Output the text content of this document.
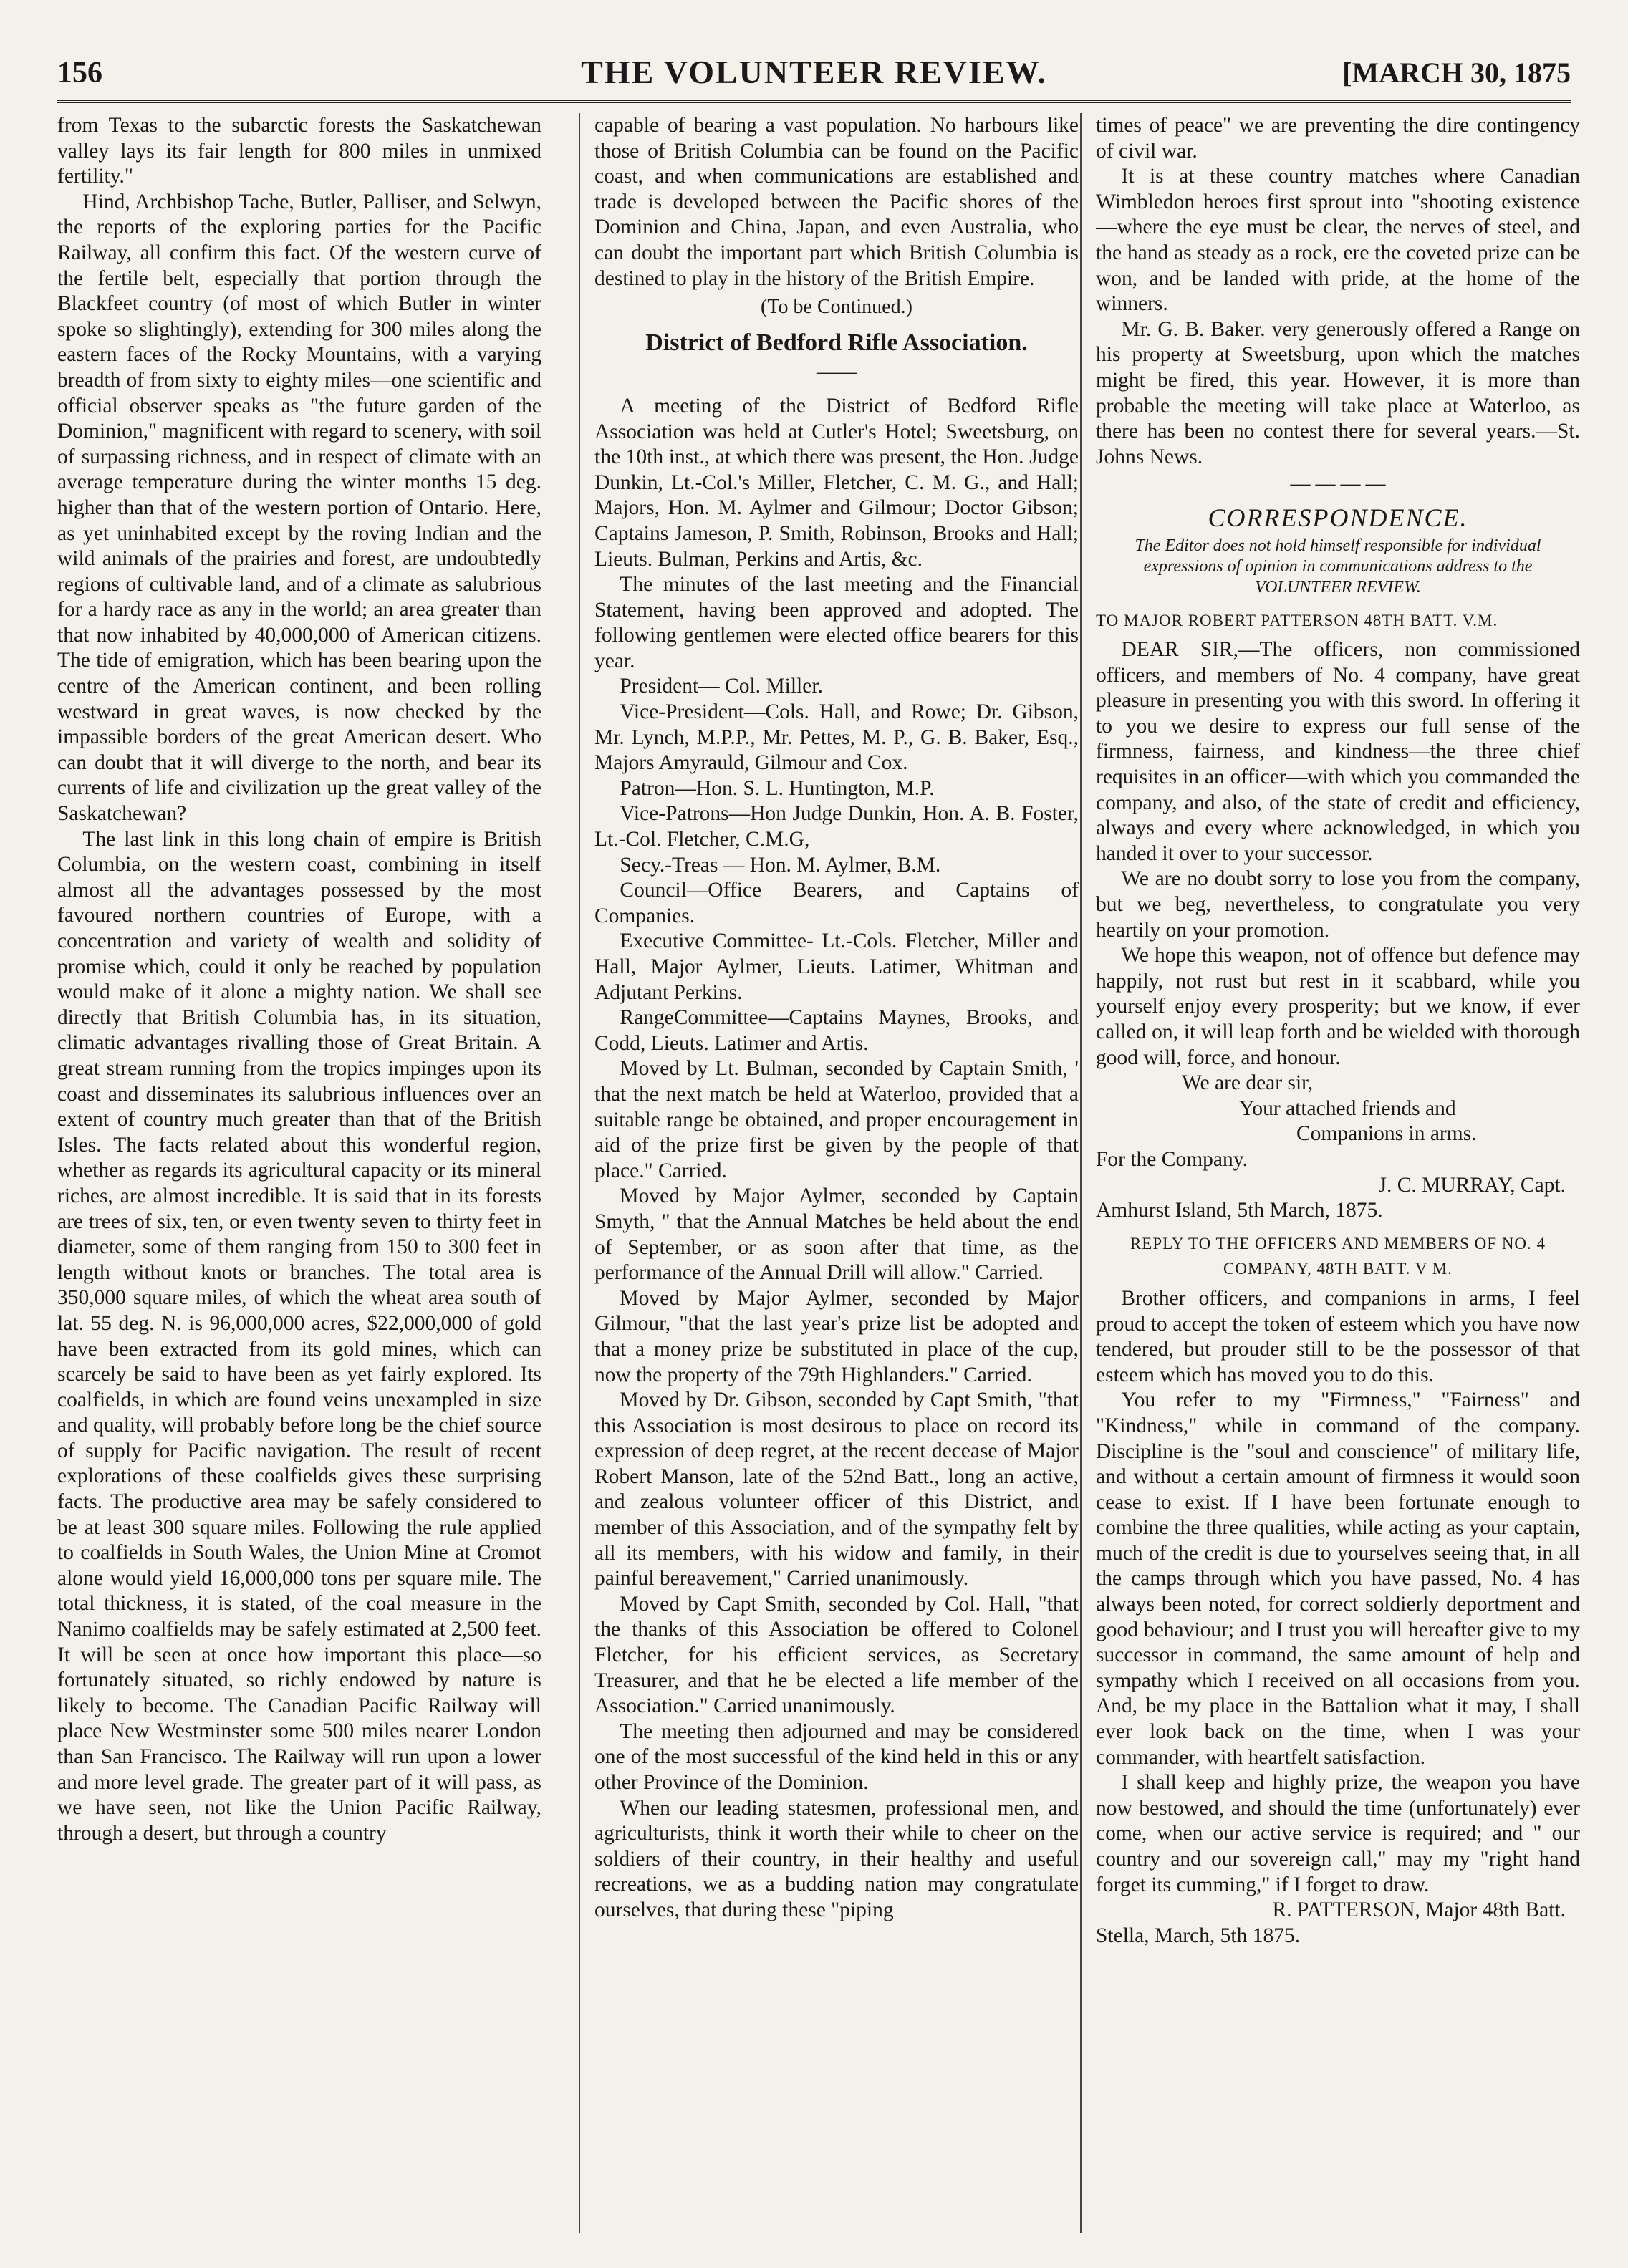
156	THE VOLUNTEER REVIEW.	[MARCH 30, 1875

from Texas to the subarctic forests the Saskatchewan valley lays its fair length for 800 miles in unmixed fertility."

Hind, Archbishop Tache, Butler, Palliser, and Selwyn, the reports of the exploring parties for the Pacific Railway, all confirm this fact. Of the western curve of the fertile belt, especially that portion through the Blackfeet country (of most of which Butler in winter spoke so slightingly), extending for 300 miles along the eastern faces of the Rocky Mountains, with a varying breadth of from sixty to eighty miles—one scientific and official observer speaks as "the future garden of the Dominion," magnificent with regard to scenery, with soil of surpassing richness, and in respect of climate with an average temperature during the winter months 15 deg. higher than that of the western portion of Ontario. Here, as yet uninhabited except by the roving Indian and the wild animals of the prairies and forest, are undoubtedly regions of cultivable land, and of a climate as salubrious for a hardy race as any in the world; an area greater than that now inhabited by 40,000,000 of American citizens. The tide of emigration, which has been bearing upon the centre of the American continent, and been rolling westward in great waves, is now checked by the impassible borders of the great American desert. Who can doubt that it will diverge to the north, and bear its currents of life and civilization up the great valley of the Saskatchewan?

The last link in this long chain of empire is British Columbia, on the western coast, combining in itself almost all the advantages possessed by the most favoured northern countries of Europe, with a concentration and variety of wealth and solidity of promise which, could it only be reached by population would make of it alone a mighty nation. We shall see directly that British Columbia has, in its situation, climatic advantages rivalling those of Great Britain. A great stream running from the tropics impinges upon its coast and disseminates its salubrious influences over an extent of country much greater than that of the British Isles. The facts related about this wonderful region, whether as regards its agricultural capacity or its mineral riches, are almost incredible. It is said that in its forests are trees of six, ten, or even twenty seven to thirty feet in diameter, some of them ranging from 150 to 300 feet in length without knots or branches. The total area is 350,000 square miles, of which the wheat area south of lat. 55 deg. N. is 96,000,000 acres, $22,000,000 of gold have been extracted from its gold mines, which can scarcely be said to have been as yet fairly explored. Its coalfields, in which are found veins unexampled in size and quality, will probably before long be the chief source of supply for Pacific navigation. The result of recent explorations of these coalfields gives these surprising facts. The productive area may be safely considered to be at least 300 square miles. Following the rule applied to coalfields in South Wales, the Union Mine at Cromot alone would yield 16,000,000 tons per square mile. The total thickness, it is stated, of the coal measure in the Nanimo coalfields may be safely estimated at 2,500 feet. It will be seen at once how important this place—so fortunately situated, so richly endowed by nature is likely to become. The Canadian Pacific Railway will place New Westminster some 500 miles nearer London than San Francisco. The Railway will run upon a lower and more level grade. The greater part of it will pass, as we have seen, not like the Union Pacific Railway, through a desert, but through a country

capable of bearing a vast population. No harbours like those of British Columbia can be found on the Pacific coast, and when communications are established and trade is developed between the Pacific shores of the Dominion and China, Japan, and even Australia, who can doubt the important part which British Columbia is destined to play in the history of the British Empire.

(To be Continued.)

District of Bedford Rifle Association.
——

A meeting of the District of Bedford Rifle Association was held at Cutler's Hotel; Sweetsburg, on the 10th inst., at which there was present, the Hon. Judge Dunkin, Lt.-Col.'s Miller, Fletcher, C. M. G., and Hall; Majors, Hon. M. Aylmer and Gilmour; Doctor Gibson; Captains Jameson, P. Smith, Robinson, Brooks and Hall; Lieuts. Bulman, Perkins and Artis, &c.

The minutes of the last meeting and the Financial Statement, having been approved and adopted. The following gentlemen were elected office bearers for this year.

President— Col. Miller.

Vice-President—Cols. Hall, and Rowe; Dr. Gibson, Mr. Lynch, M.P.P., Mr. Pettes, M. P., G. B. Baker, Esq., Majors Amyrauld, Gilmour and Cox.

Patron—Hon. S. L. Huntington, M.P.

Vice-Patrons—Hon Judge Dunkin, Hon. A. B. Foster, Lt.-Col. Fletcher, C.M.G,

Secy.-Treas — Hon. M. Aylmer, B.M.

Council—Office Bearers, and Captains of Companies.

Executive Committee- Lt.-Cols. Fletcher, Miller and Hall, Major Aylmer, Lieuts. Latimer, Whitman and Adjutant Perkins.

RangeCommittee—Captains Maynes, Brooks, and Codd, Lieuts. Latimer and Artis.

Moved by Lt. Bulman, seconded by Captain Smith, ' that the next match be held at Waterloo, provided that a suitable range be obtained, and proper encouragement in aid of the prize first be given by the people of that place." Carried.

Moved by Major Aylmer, seconded by Captain Smyth, " that the Annual Matches be held about the end of September, or as soon after that time, as the performance of the Annual Drill will allow." Carried.

Moved by Major Aylmer, seconded by Major Gilmour, "that the last year's prize list be adopted and that a money prize be substituted in place of the cup, now the property of the 79th Highlanders." Carried.

Moved by Dr. Gibson, seconded by Capt Smith, "that this Association is most desirous to place on record its expression of deep regret, at the recent decease of Major Robert Manson, late of the 52nd Batt., long an active, and zealous volunteer officer of this District, and member of this Association, and of the sympathy felt by all its members, with his widow and family, in their painful bereavement," Carried unanimously.

Moved by Capt Smith, seconded by Col. Hall, "that the thanks of this Association be offered to Colonel Fletcher, for his efficient services, as Secretary Treasurer, and that he be elected a life member of the Association." Carried unanimously.

The meeting then adjourned and may be considered one of the most successful of the kind held in this or any other Province of the Dominion.

When our leading statesmen, professional men, and agriculturists, think it worth their while to cheer on the soldiers of their country, in their healthy and useful recreations, we as a budding nation may congratulate ourselves, that during these "piping

times of peace" we are preventing the dire contingency of civil war.

It is at these country matches where Canadian Wimbledon heroes first sprout into "shooting existence—where the eye must be clear, the nerves of steel, and the hand as steady as a rock, ere the coveted prize can be won, and be landed with pride, at the home of the winners.

Mr. G. B. Baker. very generously offered a Range on his property at Sweetsburg, upon which the matches might be fired, this year. However, it is more than probable the meeting will take place at Waterloo, as there has been no contest there for several years.—St. Johns News.

— — — —
CORRESPONDENCE.
The Editor does not hold himself responsible for individual expressions of opinion in communications address to the VOLUNTEER REVIEW.
TO MAJOR ROBERT PATTERSON 48TH BATT. V.M.

DEAR SIR,—The officers, non commissioned officers, and members of No. 4 company, have great pleasure in presenting you with this sword. In offering it to you we desire to express our full sense of the firmness, fairness, and kindness—the three chief requisites in an officer—with which you commanded the company, and also, of the state of credit and efficiency, always and every where acknowledged, in which you handed it over to your successor.

We are no doubt sorry to lose you from the company, but we beg, nevertheless, to congratulate you very heartily on your promotion.

We hope this weapon, not of offence but defence may happily, not rust but rest in it scabbard, while you yourself enjoy every prosperity; but we know, if ever called on, it will leap forth and be wielded with thorough good will, force, and honour.

We are dear sir,

Your attached friends and

Companions in arms.

For the Company.

J. C. MURRAY, Capt.

Amhurst Island, 5th March, 1875.

REPLY TO THE OFFICERS AND MEMBERS OF NO. 4 COMPANY, 48TH BATT. V M.

Brother officers, and companions in arms, I feel proud to accept the token of esteem which you have now tendered, but prouder still to be the possessor of that esteem which has moved you to do this.

You refer to my "Firmness," "Fairness" and "Kindness," while in command of the company. Discipline is the "soul and conscience" of military life, and without a certain amount of firmness it would soon cease to exist. If I have been fortunate enough to combine the three qualities, while acting as your captain, much of the credit is due to yourselves seeing that, in all the camps through which you have passed, No. 4 has always been noted, for correct soldierly deportment and good behaviour; and I trust you will hereafter give to my successor in command, the same amount of help and sympathy which I received on all occasions from you. And, be my place in the Battalion what it may, I shall ever look back on the time, when I was your commander, with heartfelt satisfaction.

I shall keep and highly prize, the weapon you have now bestowed, and should the time (unfortunately) ever come, when our active service is required; and " our country and our sovereign call," may my "right hand forget its cumming," if I forget to draw.

R. PATTERSON, Major 48th Batt.

Stella, March, 5th 1875.
